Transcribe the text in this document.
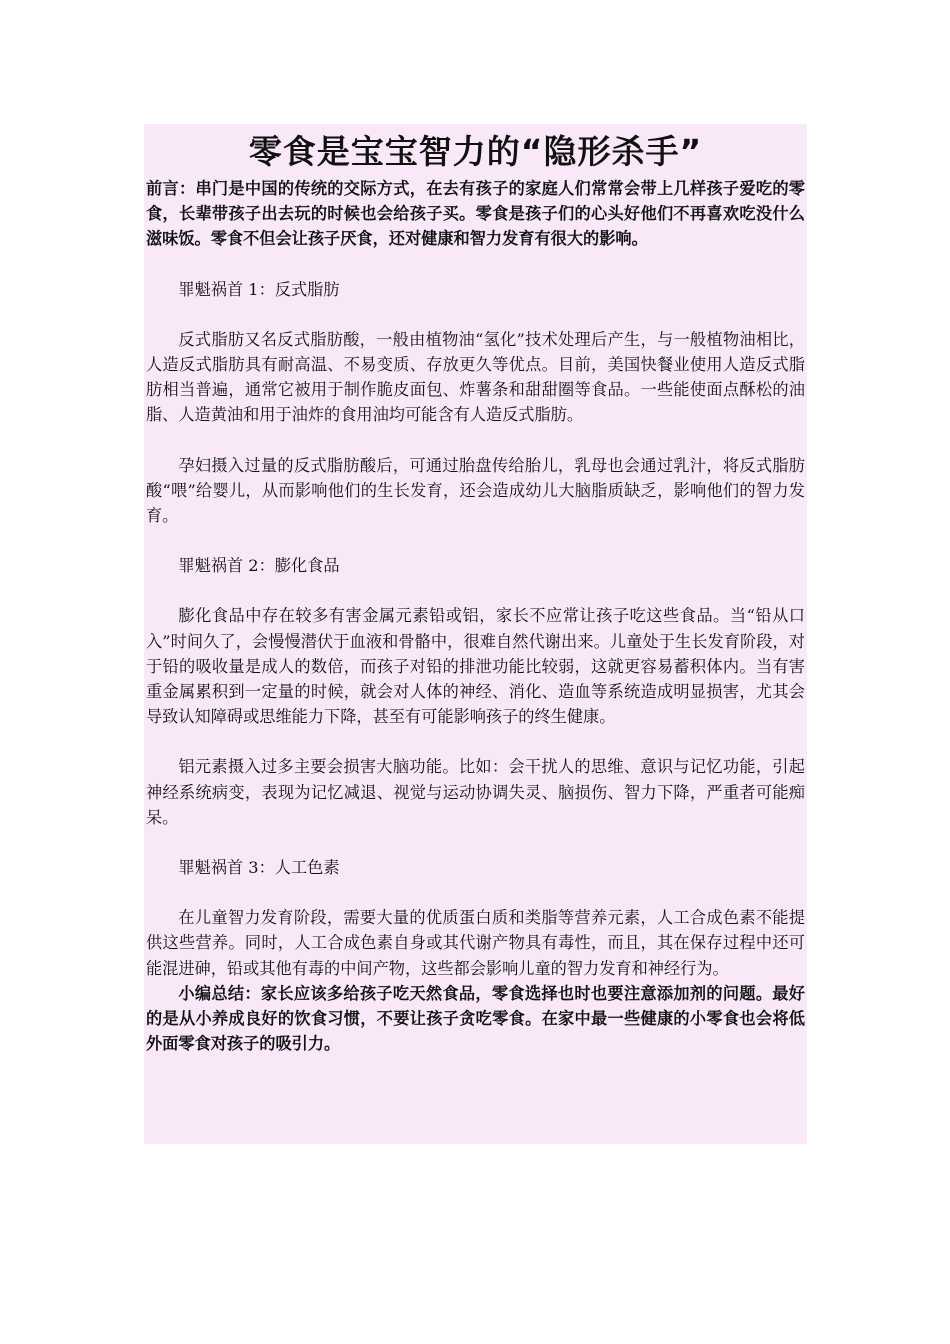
零食是宝宝智力的“隐形杀手”

前言：串门是中国的传统的交际方式，在去有孩子的家庭人们常常会带上几样孩子爱吃的零食，长辈带孩子出去玩的时候也会给孩子买。零食是孩子们的心头好他们不再喜欢吃没什么滋味饭。零食不但会让孩子厌食，还对健康和智力发育有很大的影响。

罪魁祸首 1：反式脂肪

反式脂肪又名反式脂肪酸，一般由植物油“氢化”技术处理后产生，与一般植物油相比，人造反式脂肪具有耐高温、不易变质、存放更久等优点。目前，美国快餐业使用人造反式脂肪相当普遍，通常它被用于制作脆皮面包、炸薯条和甜甜圈等食品。一些能使面点酥松的油脂、人造黄油和用于油炸的食用油均可能含有人造反式脂肪。

孕妇摄入过量的反式脂肪酸后，可通过胎盘传给胎儿，乳母也会通过乳汁，将反式脂肪酸“喂”给婴儿，从而影响他们的生长发育，还会造成幼儿大脑脂质缺乏，影响他们的智力发育。

罪魁祸首 2：膨化食品

膨化食品中存在较多有害金属元素铅或铝，家长不应常让孩子吃这些食品。当“铅从口入”时间久了，会慢慢潜伏于血液和骨骼中，很难自然代谢出来。儿童处于生长发育阶段，对于铅的吸收量是成人的数倍，而孩子对铅的排泄功能比较弱，这就更容易蓄积体内。当有害重金属累积到一定量的时候，就会对人体的神经、消化、造血等系统造成明显损害，尤其会导致认知障碍或思维能力下降，甚至有可能影响孩子的终生健康。

铝元素摄入过多主要会损害大脑功能。比如：会干扰人的思维、意识与记忆功能，引起神经系统病变，表现为记忆减退、视觉与运动协调失灵、脑损伤、智力下降，严重者可能痴呆。

罪魁祸首 3：人工色素

在儿童智力发育阶段，需要大量的优质蛋白质和类脂等营养元素，人工合成色素不能提供这些营养。同时，人工合成色素自身或其代谢产物具有毒性，而且，其在保存过程中还可能混进砷，铅或其他有毒的中间产物，这些都会影响儿童的智力发育和神经行为。

小编总结：家长应该多给孩子吃天然食品，零食选择也时也要注意添加剂的问题。最好的是从小养成良好的饮食习惯，不要让孩子贪吃零食。在家中最一些健康的小零食也会将低外面零食对孩子的吸引力。
